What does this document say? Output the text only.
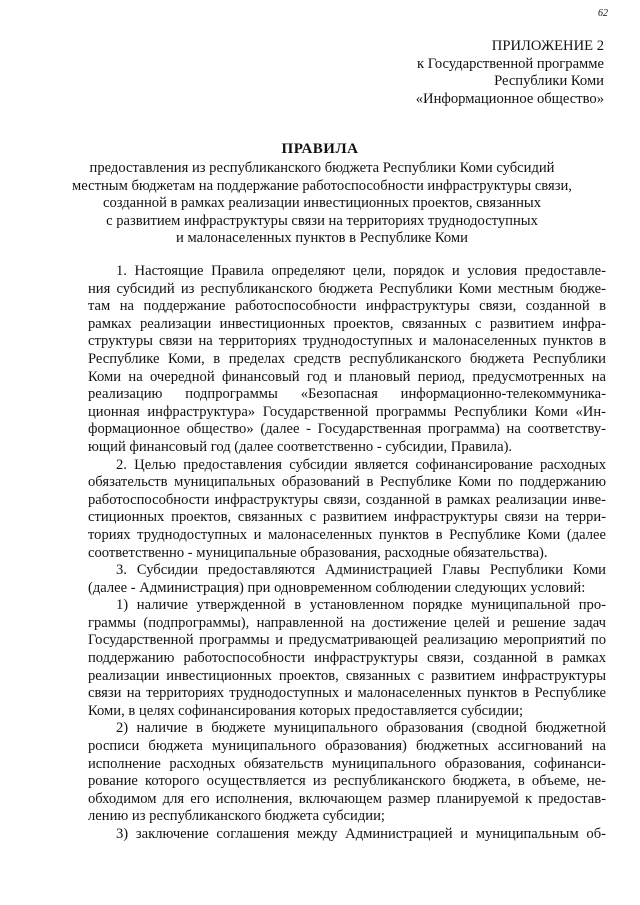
62
ПРИЛОЖЕНИЕ 2
к Государственной программе
Республики Коми
«Информационное общество»
ПРАВИЛА
предоставления из республиканского бюджета Республики Коми субсидий
местным бюджетам на поддержание работоспособности инфраструктуры связи,
созданной в рамках реализации инвестиционных проектов, связанных
с развитием инфраструктуры связи на территориях труднодоступных
и малонаселенных пунктов в Республике Коми
1. Настоящие Правила определяют цели, порядок и условия предоставле-
ния субсидий из республиканского бюджета Республики Коми местным бюдже-
там на поддержание работоспособности инфраструктуры связи, созданной в
рамках реализации инвестиционных проектов, связанных с развитием инфра-
структуры связи на территориях труднодоступных и малонаселенных пунктов в
Республике Коми, в пределах средств республиканского бюджета Республики
Коми на очередной финансовый год и плановый период, предусмотренных на
реализацию подпрограммы «Безопасная информационно-телекоммуника-
ционная инфраструктура» Государственной программы Республики Коми «Ин-
формационное общество» (далее - Государственная программа) на соответству-
ющий финансовый год (далее соответственно - субсидии, Правила).
2. Целью предоставления субсидии является софинансирование расходных
обязательств муниципальных образований в Республике Коми по поддержанию
работоспособности инфраструктуры связи, созданной в рамках реализации инве-
стиционных проектов, связанных с развитием инфраструктуры связи на терри-
ториях труднодоступных и малонаселенных пунктов в Республике Коми (далее
соответственно - муниципальные образования, расходные обязательства).
3. Субсидии предоставляются Администрацией Главы Республики Коми
(далее - Администрация) при одновременном соблюдении следующих условий:
1) наличие утвержденной в установленном порядке муниципальной про-
граммы (подпрограммы), направленной на достижение целей и решение задач
Государственной программы и предусматривающей реализацию мероприятий по
поддержанию работоспособности инфраструктуры связи, созданной в рамках
реализации инвестиционных проектов, связанных с развитием инфраструктуры
связи на территориях труднодоступных и малонаселенных пунктов в Республике
Коми, в целях софинансирования которых предоставляется субсидии;
2) наличие в бюджете муниципального образования (сводной бюджетной
росписи бюджета муниципального образования) бюджетных ассигнований на
исполнение расходных обязательств муниципального образования, софинанси-
рование которого осуществляется из республиканского бюджета, в объеме, не-
обходимом для его исполнения, включающем размер планируемой к предостав-
лению из республиканского бюджета субсидии;
3) заключение соглашения между Администрацией и муниципальным об-
